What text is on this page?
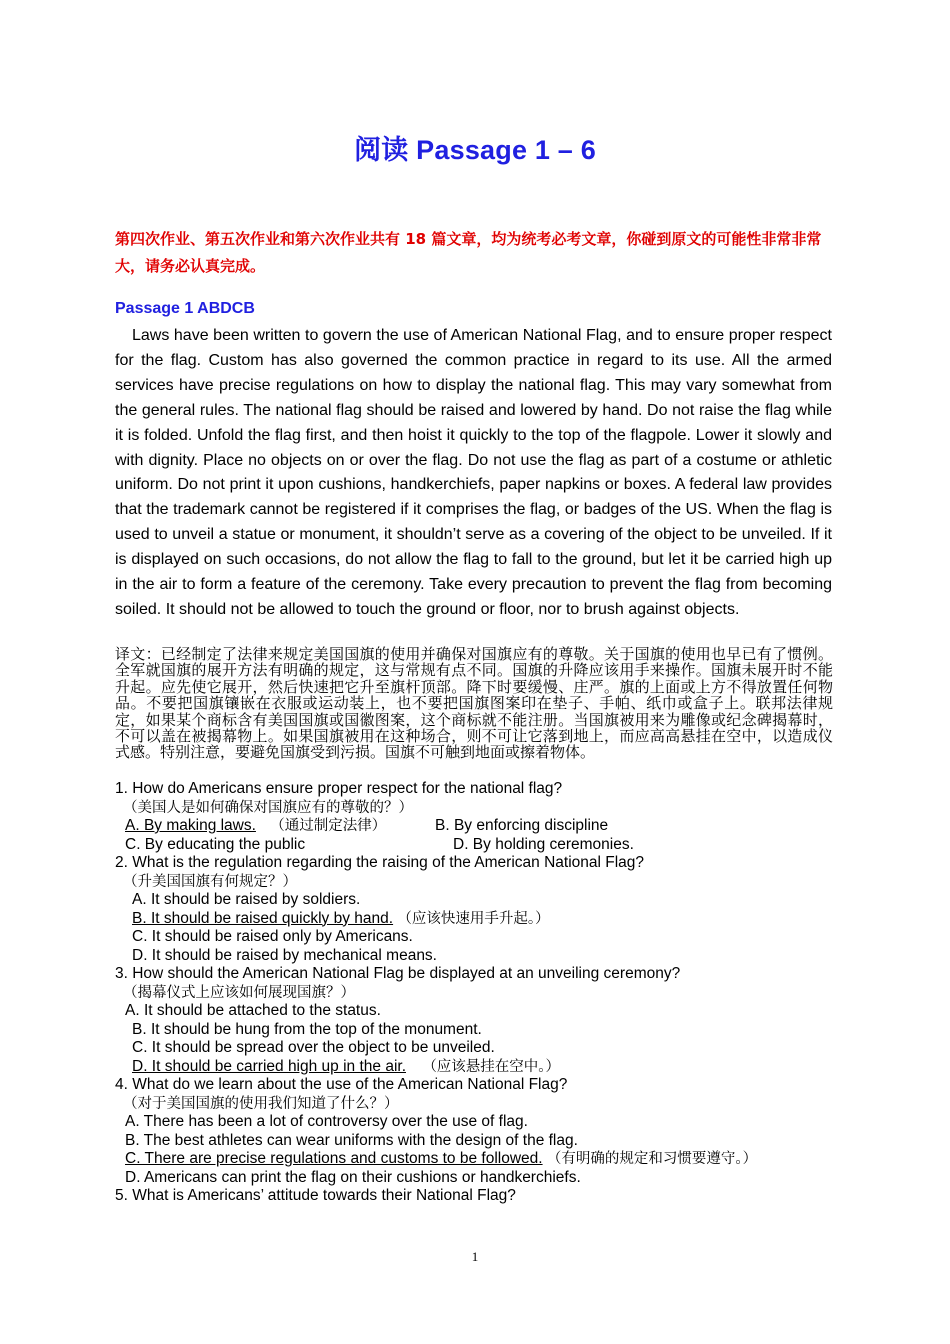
阅读 Passage 1 – 6

第四次作业、第五次作业和第六次作业共有 18 篇文章，均为统考必考文章，你碰到原文的可能性非常非常大，请务必认真完成。

Passage 1 ABDCB

Laws have been written to govern the use of American National Flag, and to ensure proper respect for the flag. Custom has also governed the common practice in regard to its use. All the armed services have precise regulations on how to display the national flag. This may vary somewhat from the general rules. The national flag should be raised and lowered by hand. Do not raise the flag while it is folded. Unfold the flag first, and then hoist it quickly to the top of the flagpole. Lower it slowly and with dignity. Place no objects on or over the flag. Do not use the flag as part of a costume or athletic uniform. Do not print it upon cushions, handkerchiefs, paper napkins or boxes. A federal law provides that the trademark cannot be registered if it comprises the flag, or badges of the US. When the flag is used to unveil a statue or monument, it shouldn’t serve as a covering of the object to be unveiled. If it is displayed on such occasions, do not allow the flag to fall to the ground, but let it be carried high up in the air to form a feature of the ceremony. Take every precaution to prevent the flag from becoming soiled. It should not be allowed to touch the ground or floor, nor to brush against objects.

译文：已经制定了法律来规定美国国旗的使用并确保对国旗应有的尊敬。关于国旗的使用也早已有了惯例。全军就国旗的展开方法有明确的规定，这与常规有点不同。国旗的升降应该用手来操作。国旗未展开时不能升起。应先使它展开，然后快速把它升至旗杆顶部。降下时要缓慢、庄严。旗的上面或上方不得放置任何物品。不要把国旗镶嵌在衣服或运动装上，也不要把国旗图案印在垫子、手帕、纸巾或盒子上。联邦法律规定，如果某个商标含有美国国旗或国徽图案，这个商标就不能注册。当国旗被用来为雕像或纪念碑揭幕时，不可以盖在被揭幕物上。如果国旗被用在这种场合，则不可让它落到地上，而应高高悬挂在空中，以造成仪式感。特别注意，要避免国旗受到污损。国旗不可触到地面或擦着物体。

1. How do Americans ensure proper respect for the national flag?
（美国人是如何确保对国旗应有的尊敬的？）
A. By making laws. （通过制定法律）	B. By enforcing discipline
C. By educating the public	D. By holding ceremonies.
2. What is the regulation regarding the raising of the American National Flag?
（升美国国旗有何规定？）
A. It should be raised by soldiers.
B. It should be raised quickly by hand. （应该快速用手升起。）
C. It should be raised only by Americans.
D. It should be raised by mechanical means.
3. How should the American National Flag be displayed at an unveiling ceremony?
（揭幕仪式上应该如何展现国旗？）
A. It should be attached to the status.
B. It should be hung from the top of the monument.
C. It should be spread over the object to be unveiled.
D. It should be carried high up in the air. （应该悬挂在空中。）
4. What do we learn about the use of the American National Flag?
（对于美国国旗的使用我们知道了什么？）
A. There has been a lot of controversy over the use of flag.
B. The best athletes can wear uniforms with the design of the flag.
C. There are precise regulations and customs to be followed. （有明确的规定和习惯要遵守。）
D. Americans can print the flag on their cushions or handkerchiefs.
5. What is Americans’ attitude towards their National Flag?

1
